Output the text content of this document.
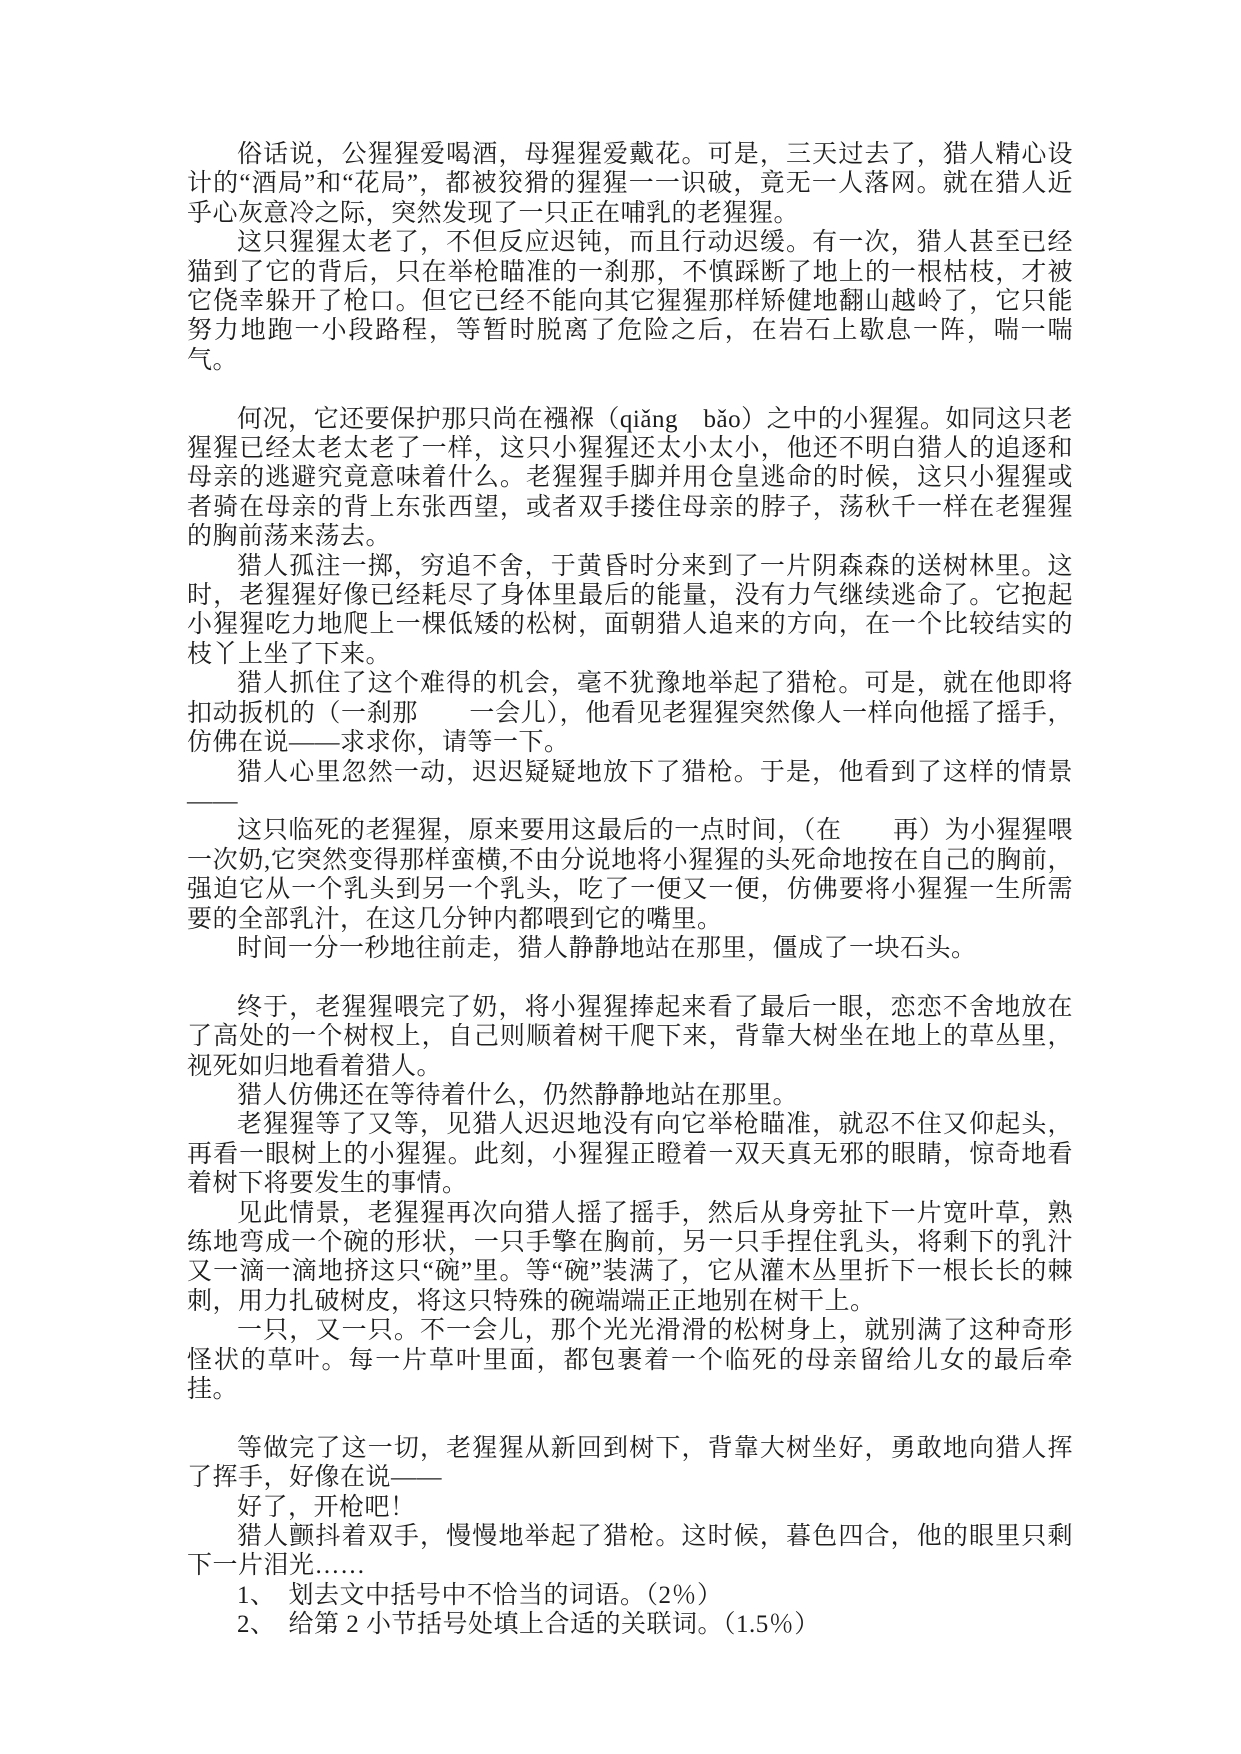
俗话说，公猩猩爱喝酒，母猩猩爱戴花。可是，三天过去了，猎人精心设计的“酒局”和“花局”，都被狡猾的猩猩一一识破，竟无一人落网。就在猎人近乎心灰意冷之际，突然发现了一只正在哺乳的老猩猩。

这只猩猩太老了，不但反应迟钝，而且行动迟缓。有一次，猎人甚至已经猫到了它的背后，只在举枪瞄准的一刹那，不慎踩断了地上的一根枯枝，才被它侥幸躲开了枪口。但它已经不能向其它猩猩那样矫健地翻山越岭了，它只能努力地跑一小段路程，等暂时脱离了危险之后，在岩石上歇息一阵，喘一喘气。

何况，它还要保护那只尚在襁褓（qiǎng　bǎo）之中的小猩猩。如同这只老猩猩已经太老太老了一样，这只小猩猩还太小太小，他还不明白猎人的追逐和母亲的逃避究竟意味着什么。老猩猩手脚并用仓皇逃命的时候，这只小猩猩或者骑在母亲的背上东张西望，或者双手搂住母亲的脖子，荡秋千一样在老猩猩的胸前荡来荡去。

猎人孤注一掷，穷追不舍，于黄昏时分来到了一片阴森森的送树林里。这时，老猩猩好像已经耗尽了身体里最后的能量，没有力气继续逃命了。它抱起小猩猩吃力地爬上一棵低矮的松树，面朝猎人追来的方向，在一个比较结实的枝丫上坐了下来。

猎人抓住了这个难得的机会，毫不犹豫地举起了猎枪。可是，就在他即将扣动扳机的（一刹那　　一会儿），他看见老猩猩突然像人一样向他摇了摇手，仿佛在说——求求你，请等一下。

猎人心里忽然一动，迟迟疑疑地放下了猎枪。于是，他看到了这样的情景——

这只临死的老猩猩，原来要用这最后的一点时间，（在　　再）为小猩猩喂一次奶,它突然变得那样蛮横,不由分说地将小猩猩的头死命地按在自己的胸前，强迫它从一个乳头到另一个乳头，吃了一便又一便，仿佛要将小猩猩一生所需要的全部乳汁，在这几分钟内都喂到它的嘴里。

时间一分一秒地往前走，猎人静静地站在那里，僵成了一块石头。

终于，老猩猩喂完了奶，将小猩猩捧起来看了最后一眼，恋恋不舍地放在了高处的一个树杈上，自己则顺着树干爬下来，背靠大树坐在地上的草丛里，视死如归地看着猎人。

猎人仿佛还在等待着什么，仍然静静地站在那里。

老猩猩等了又等，见猎人迟迟地没有向它举枪瞄准，就忍不住又仰起头，再看一眼树上的小猩猩。此刻，小猩猩正瞪着一双天真无邪的眼睛，惊奇地看着树下将要发生的事情。

见此情景，老猩猩再次向猎人摇了摇手，然后从身旁扯下一片宽叶草，熟练地弯成一个碗的形状，一只手擎在胸前，另一只手捏住乳头，将剩下的乳汁又一滴一滴地挤这只“碗”里。等“碗”装满了，它从灌木丛里折下一根长长的棘刺，用力扎破树皮，将这只特殊的碗端端正正地别在树干上。

一只，又一只。不一会儿，那个光光滑滑的松树身上，就别满了这种奇形怪状的草叶。每一片草叶里面，都包裹着一个临死的母亲留给儿女的最后牵挂。

等做完了这一切，老猩猩从新回到树下，背靠大树坐好，勇敢地向猎人挥了挥手，好像在说——

好了，开枪吧！

猎人颤抖着双手，慢慢地举起了猎枪。这时候，暮色四合，他的眼里只剩下一片泪光……

1、　划去文中括号中不恰当的词语。（2％）

2、　给第 2 小节括号处填上合适的关联词。（1.5％）
